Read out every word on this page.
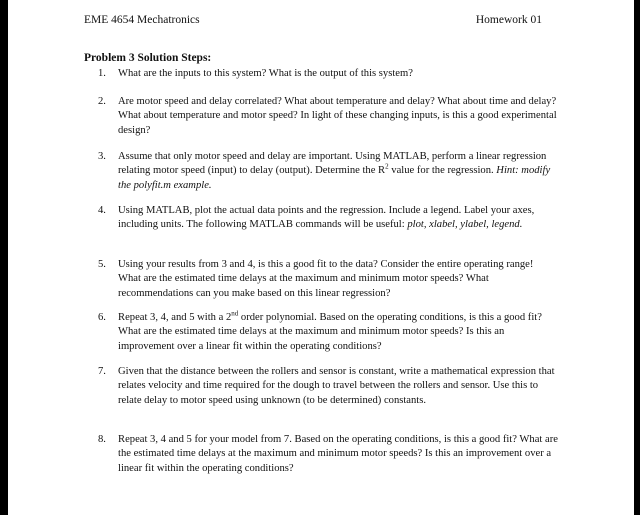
EME 4654 Mechatronics	Homework 01
Problem 3 Solution Steps:
1. What are the inputs to this system? What is the output of this system?
2. Are motor speed and delay correlated? What about temperature and delay? What about time and delay? What about temperature and motor speed? In light of these changing inputs, is this a good experimental design?
3. Assume that only motor speed and delay are important. Using MATLAB, perform a linear regression relating motor speed (input) to delay (output). Determine the $R^2$ value for the regression. Hint: modify the polyfit.m example.
4. Using MATLAB, plot the actual data points and the regression. Include a legend. Label your axes, including units. The following MATLAB commands will be useful: plot, xlabel, ylabel, legend.
5. Using your results from 3 and 4, is this a good fit to the data? Consider the entire operating range! What are the estimated time delays at the maximum and minimum motor speeds? What recommendations can you make based on this linear regression?
6. Repeat 3, 4, and 5 with a 2nd order polynomial. Based on the operating conditions, is this a good fit? What are the estimated time delays at the maximum and minimum motor speeds? Is this an improvement over a linear fit within the operating conditions?
7. Given that the distance between the rollers and sensor is constant, write a mathematical expression that relates velocity and time required for the dough to travel between the rollers and sensor. Use this to relate delay to motor speed using unknown (to be determined) constants.
8. Repeat 3, 4 and 5 for your model from 7. Based on the operating conditions, is this a good fit? What are the estimated time delays at the maximum and minimum motor speeds? Is this an improvement over a linear fit within the operating conditions?
